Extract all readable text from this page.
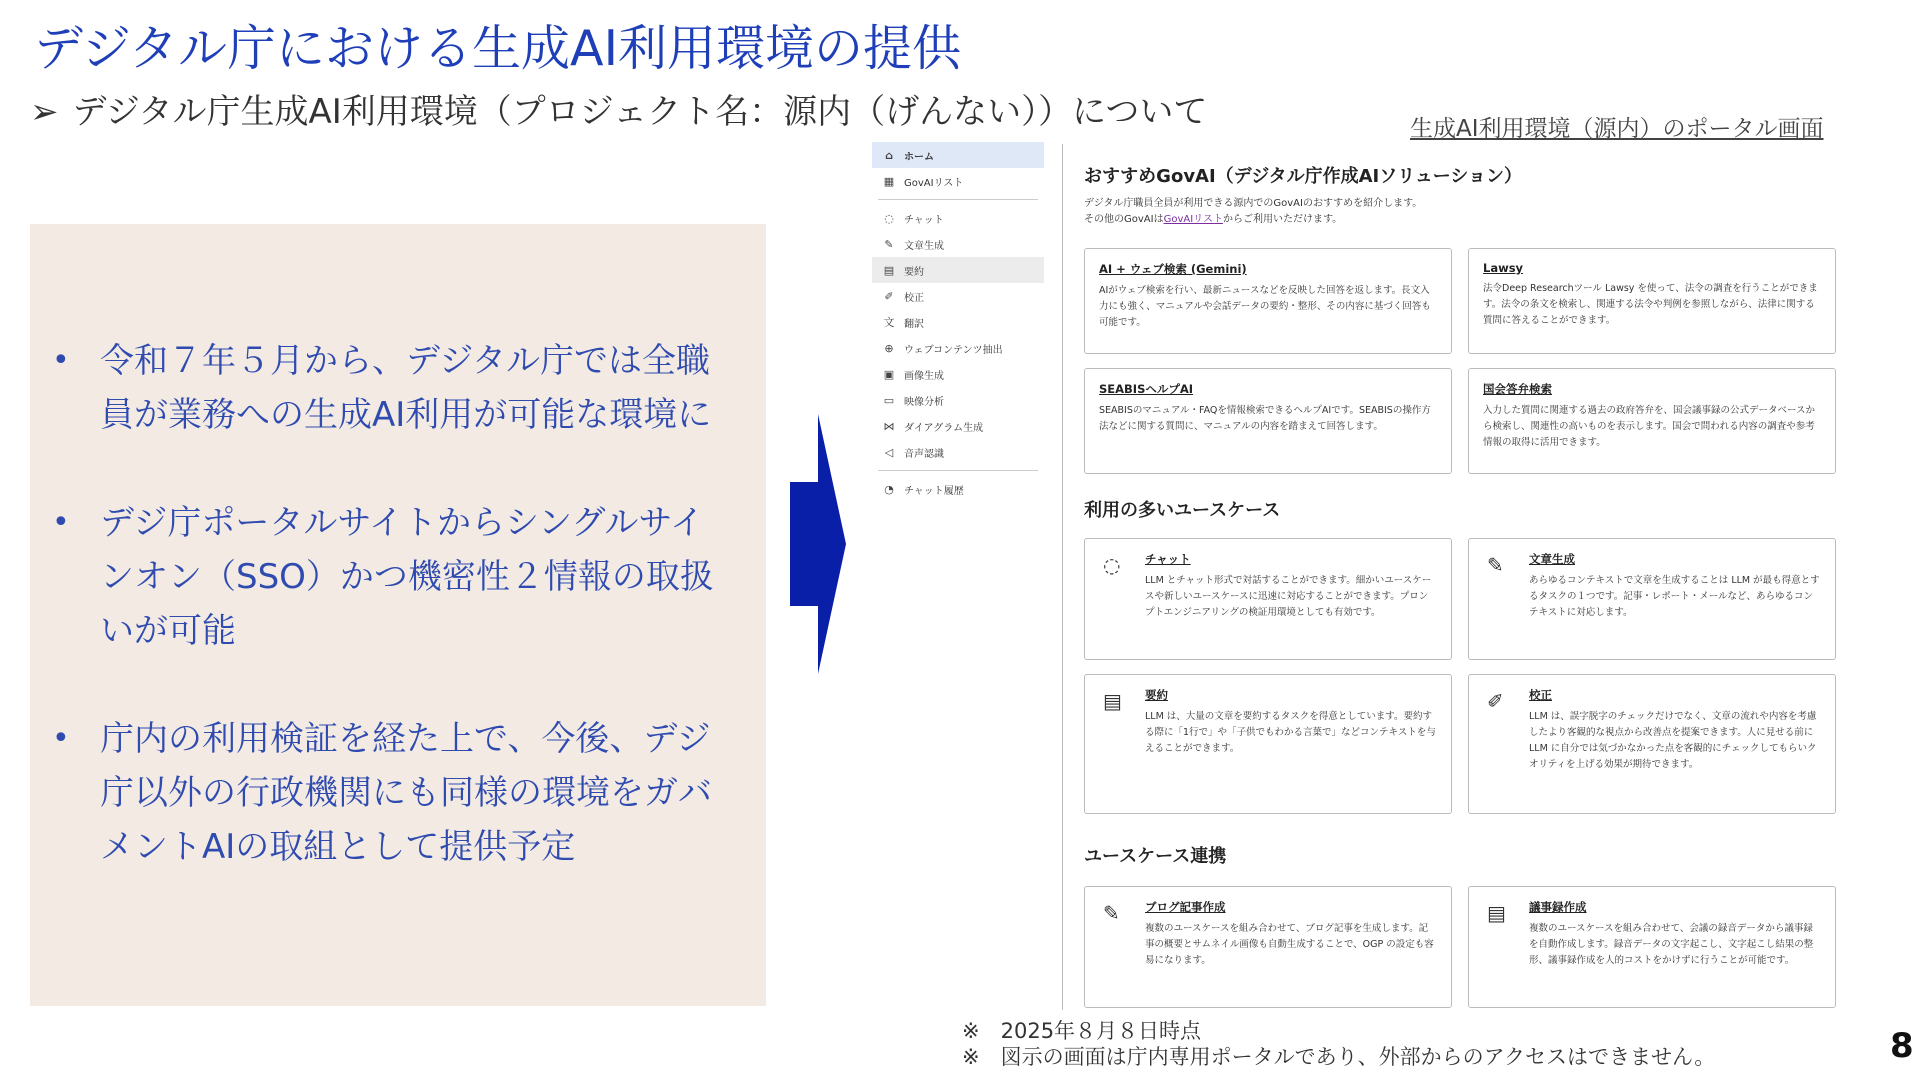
デジタル庁における生成AI利用環境の提供
➢ デジタル庁生成AI利用環境（プロジェクト名：源内（げんない））について	生成AI利用環境（源内）のポータル画面
• 令和７年５月から、デジタル庁では全職員が業務への生成AI利用が可能な環境に
• デジ庁ポータルサイトからシングルサインオン（SSO）かつ機密性２情報の取扱いが可能
• 庁内の利用検証を経た上で、今後、デジ庁以外の行政機関にも同様の環境をガバメントAIの取組として提供予定
⌂	ホーム
▦ GovAIリスト
◌ チャット
✎ 文章生成
▤ 要約
✐ 校正
文 翻訳
⊕ ウェブコンテンツ抽出
▣ 画像生成
▭ 映像分析
⋈ ダイアグラム生成
◁ 音声認識
◔ チャット履歴
おすすめGovAI（デジタル庁作成AIソリューション）
デジタル庁職員全員が利用できる源内でのGovAIのおすすめを紹介します。
その他のGovAIはGovAIリストからご利用いただけます。
AI + ウェブ検索 (Gemini)
AIがウェブ検索を行い、最新ニュースなどを反映した回答を返します。長文入力にも強く、マニュアルや会話データの要約・整形、その内容に基づく回答も可能です。
Lawsy
法令Deep Researchツール Lawsy を使って、法令の調査を行うことができます。法令の条文を検索し、関連する法令や判例を参照しながら、法律に関する質問に答えることができます。
SEABISヘルプAI
SEABISのマニュアル・FAQを情報検索できるヘルプAIです。SEABISの操作方法などに関する質問に、マニュアルの内容を踏まえて回答します。
国会答弁検索
入力した質問に関連する過去の政府答弁を、国会議事録の公式データベースから検索し、関連性の高いものを表示します。国会で問われる内容の調査や参考情報の取得に活用できます。
利用の多いユースケース
◌ チャット
LLM とチャット形式で対話することができます。細かいユースケースや新しいユースケースに迅速に対応することができます。プロンプトエンジニアリングの検証用環境としても有効です。
✎ 文章生成
あらゆるコンテキストで文章を生成することは LLM が最も得意とするタスクの１つです。記事・レポート・メールなど、あらゆるコンテキストに対応します。
▤ 要約
LLM は、大量の文章を要約するタスクを得意としています。要約する際に「1行で」や「子供でもわかる言葉で」などコンテキストを与えることができます。
✐ 校正
LLM は、誤字脱字のチェックだけでなく、文章の流れや内容を考慮したより客観的な視点から改善点を提案できます。人に見せる前に LLM に自分では気づかなかった点を客観的にチェックしてもらいクオリティを上げる効果が期待できます。
ユースケース連携
✎ ブログ記事作成
複数のユースケースを組み合わせて、ブログ記事を生成します。記事の概要とサムネイル画像も自動生成することで、OGP の設定も容易になります。
▤ 議事録作成
複数のユースケースを組み合わせて、会議の録音データから議事録を自動作成します。録音データの文字起こし、文字起こし結果の整形、議事録作成を人的コストをかけずに行うことが可能です。
※　 2025年８月８日時点
※　 図示の画面は庁内専用ポータルであり、外部からのアクセスはできません。	8
